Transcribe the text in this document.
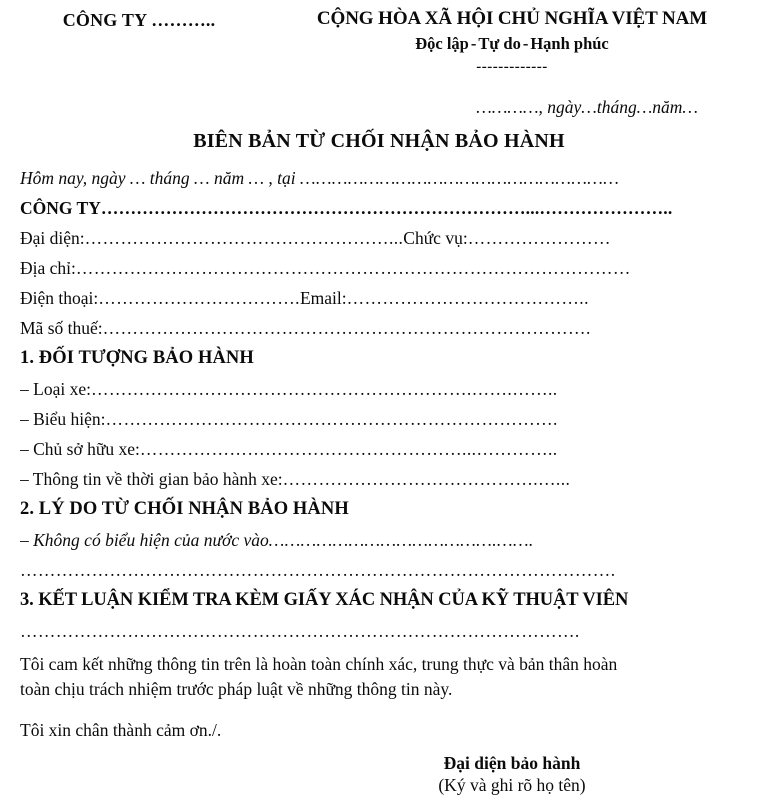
CÔNG TY ………..	CỘNG HÒA XÃ HỘI CHỦ NGHĨA VIỆT NAM
Độc lập - Tự do - Hạnh phúc
-------------
…………, ngày…tháng…năm…
BIÊN BẢN TỪ CHỐI NHẬN BẢO HÀNH
Hôm nay, ngày … tháng … năm … , tại ……………………………………………………
CÔNG TY………………………………………………………………...…………………..
Đại diện:……………………………………………...Chức vụ:……………………
Địa chỉ:…………………………………………………………………………………
Điện thoại:…………………………….Email:…………………………………..
Mã số thuế:……………………………………………………………………….
1. ĐỐI TƯỢNG BẢO HÀNH
– Loại xe:……………………………………………………….…….……..
– Biểu hiện:………………………………………………………………….
– Chủ sở hữu xe:………………………………………………...…………..
– Thông tin về thời gian bảo hành xe:…………………………………….…...
2. LÝ DO TỪ CHỐI NHẬN BẢO HÀNH
– Không có biểu hiện của nước vào…………………………………….…….
……………………………………………………………………………………….
3. KẾT LUẬN KIỂM TRA KÈM GIẤY XÁC NHẬN CỦA KỸ THUẬT VIÊN
………………………………………………………………………………….
Tôi cam kết những thông tin trên là hoàn toàn chính xác, trung thực và bản thân hoàn toàn chịu trách nhiệm trước pháp luật về những thông tin này.
Tôi xin chân thành cảm ơn./.
Đại diện bảo hành
(Ký và ghi rõ họ tên)
